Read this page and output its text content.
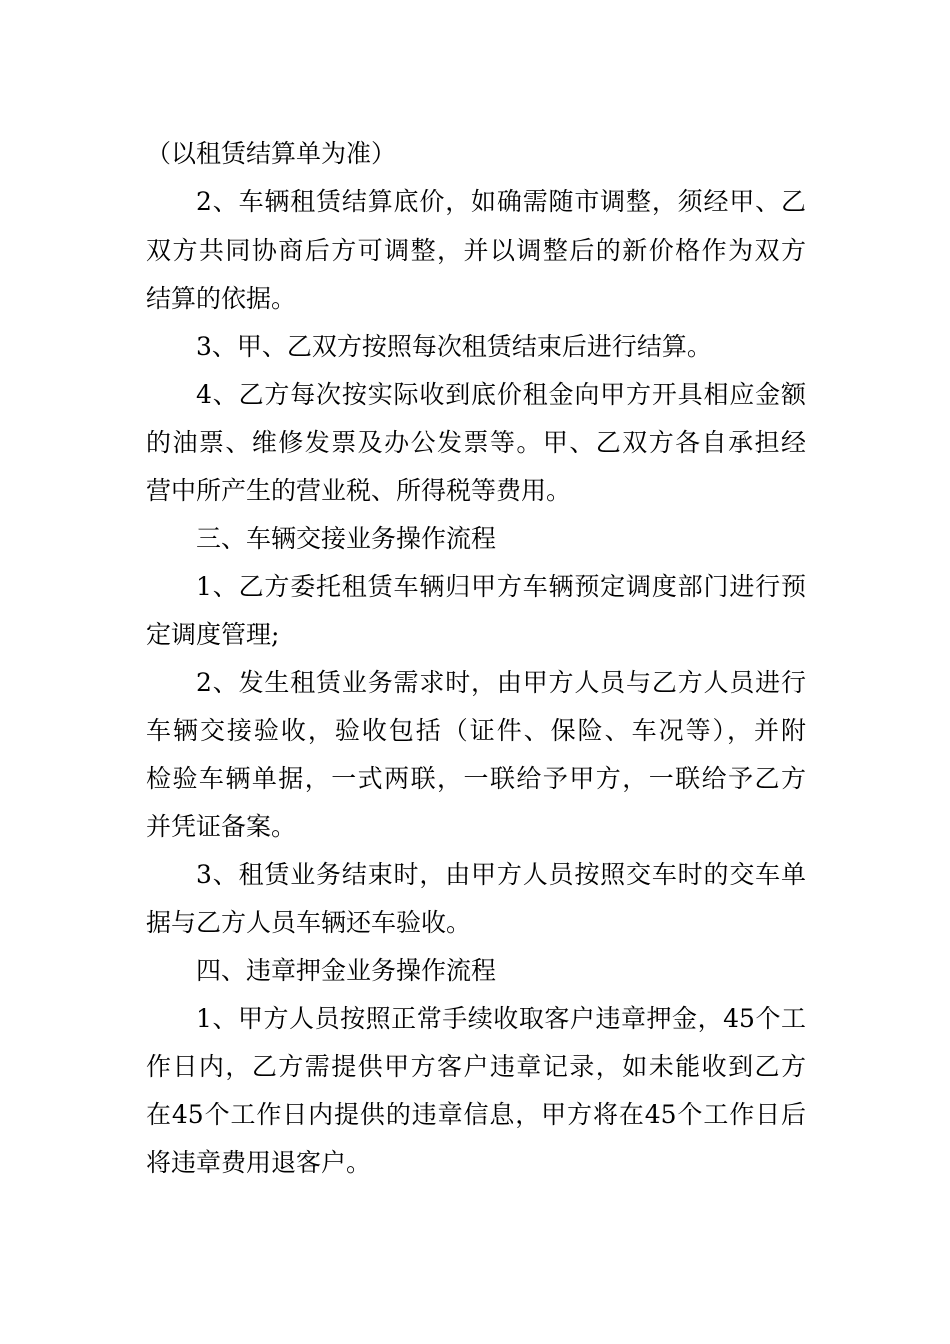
（以租赁结算单为准）
2、车辆租赁结算底价，如确需随市调整，须经甲、乙
双方共同协商后方可调整，并以调整后的新价格作为双方
结算的依据。
3、甲、乙双方按照每次租赁结束后进行结算。
4、乙方每次按实际收到底价租金向甲方开具相应金额
的油票、维修发票及办公发票等。甲、乙双方各自承担经
营中所产生的营业税、所得税等费用。
三、车辆交接业务操作流程
1、乙方委托租赁车辆归甲方车辆预定调度部门进行预
定调度管理;
2、发生租赁业务需求时，由甲方人员与乙方人员进行
车辆交接验收，验收包括（证件、保险、车况等），并附
检验车辆单据，一式两联，一联给予甲方，一联给予乙方
并凭证备案。
3、租赁业务结束时，由甲方人员按照交车时的交车单
据与乙方人员车辆还车验收。
四、违章押金业务操作流程
1、甲方人员按照正常手续收取客户违章押金，45个工
作日内，乙方需提供甲方客户违章记录，如未能收到乙方
在45个工作日内提供的违章信息，甲方将在45个工作日后
将违章费用退客户。
